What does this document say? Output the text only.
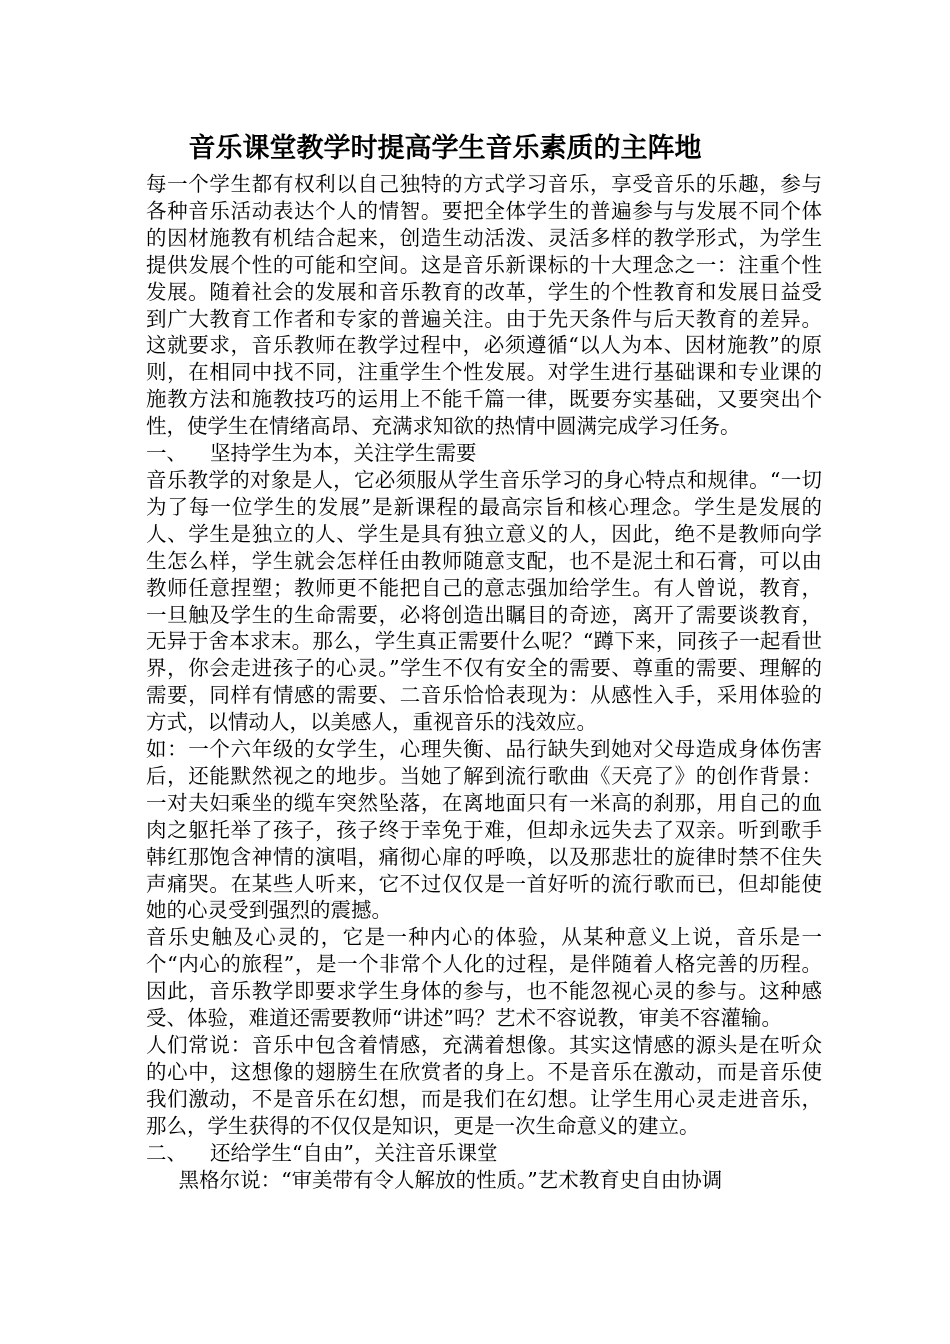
音乐课堂教学时提高学生音乐素质的主阵地

每一个学生都有权利以自己独特的方式学习音乐，享受音乐的乐趣，参与各种音乐活动表达个人的情智。要把全体学生的普遍参与与发展不同个体的因材施教有机结合起来，创造生动活泼、灵活多样的教学形式，为学生提供发展个性的可能和空间。这是音乐新课标的十大理念之一：注重个性发展。随着社会的发展和音乐教育的改革，学生的个性教育和发展日益受到广大教育工作者和专家的普遍关注。由于先天条件与后天教育的差异。这就要求，音乐教师在教学过程中，必须遵循“以人为本、因材施教”的原则，在相同中找不同，注重学生个性发展。对学生进行基础课和专业课的施教方法和施教技巧的运用上不能千篇一律，既要夯实基础，又要突出个性，使学生在情绪高昂、充满求知欲的热情中圆满完成学习任务。

一、 坚持学生为本，关注学生需要

音乐教学的对象是人，它必须服从学生音乐学习的身心特点和规律。“一切为了每一位学生的发展”是新课程的最高宗旨和核心理念。学生是发展的人、学生是独立的人、学生是具有独立意义的人，因此，绝不是教师向学生怎么样，学生就会怎样任由教师随意支配，也不是泥土和石膏，可以由教师任意捏塑；教师更不能把自己的意志强加给学生。有人曾说，教育，一旦触及学生的生命需要，必将创造出瞩目的奇迹，离开了需要谈教育，无异于舍本求末。那么，学生真正需要什么呢？“蹲下来，同孩子一起看世界，你会走进孩子的心灵。”学生不仅有安全的需要、尊重的需要、理解的需要，同样有情感的需要、二音乐恰恰表现为：从感性入手，采用体验的方式，以情动人，以美感人，重视音乐的浅效应。

如：一个六年级的女学生，心理失衡、品行缺失到她对父母造成身体伤害后，还能默然视之的地步。当她了解到流行歌曲《天亮了》的创作背景：一对夫妇乘坐的缆车突然坠落，在离地面只有一米高的刹那，用自己的血肉之躯托举了孩子，孩子终于幸免于难，但却永远失去了双亲。听到歌手韩红那饱含神情的演唱，痛彻心扉的呼唤，以及那悲壮的旋律时禁不住失声痛哭。在某些人听来，它不过仅仅是一首好听的流行歌而已，但却能使她的心灵受到强烈的震撼。

音乐史触及心灵的，它是一种内心的体验，从某种意义上说，音乐是一个“内心的旅程”，是一个非常个人化的过程，是伴随着人格完善的历程。因此，音乐教学即要求学生身体的参与，也不能忽视心灵的参与。这种感受、体验，难道还需要教师“讲述”吗？艺术不容说教，审美不容灌输。

人们常说：音乐中包含着情感，充满着想像。其实这情感的源头是在听众的心中，这想像的翅膀生在欣赏者的身上。不是音乐在激动，而是音乐使我们激动，不是音乐在幻想，而是我们在幻想。让学生用心灵走进音乐，那么，学生获得的不仅仅是知识，更是一次生命意义的建立。

二、 还给学生“自由”，关注音乐课堂

黑格尔说：“审美带有令人解放的性质。”艺术教育史自由协调
